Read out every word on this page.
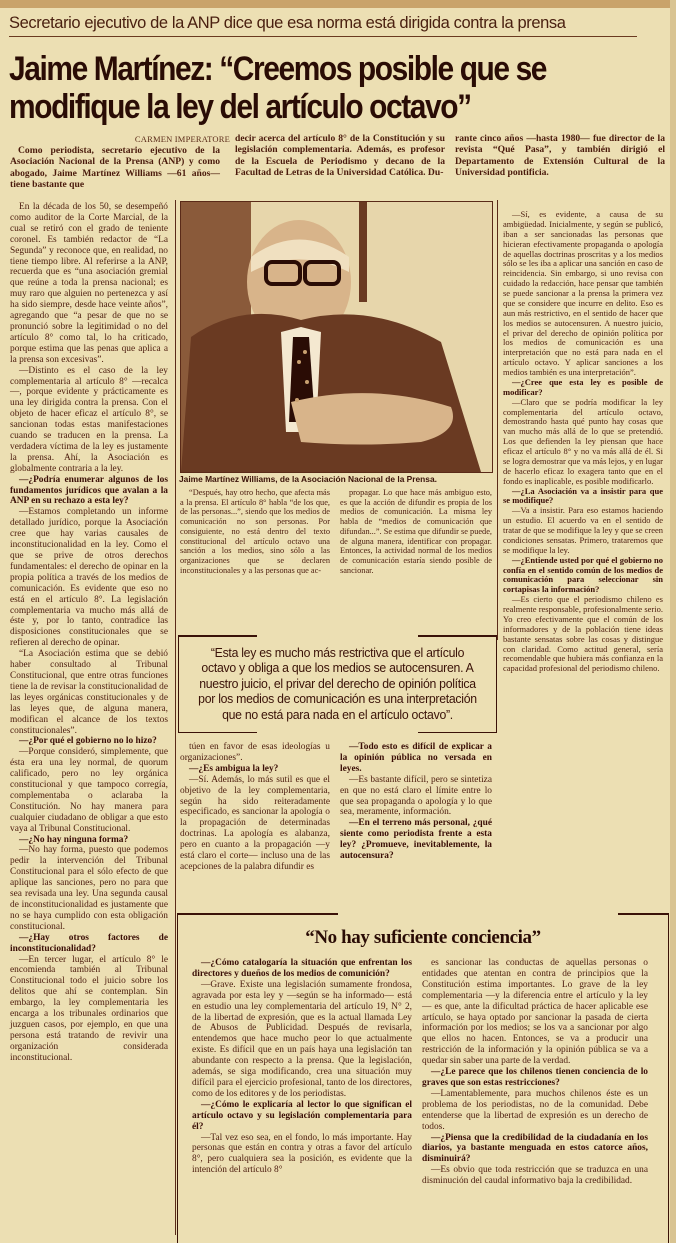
Secretario ejecutivo de la ANP dice que esa norma está dirigida contra la prensa
Jaime Martínez: “Creemos posible que se
modifique la ley del artículo octavo”
CARMEN IMPERATORE

Como periodista, secretario ejecutivo de la Asociación Nacional de la Prensa (ANP) y como abogado, Jaime Martínez Williams —61 años— tiene bastante que

decir acerca del artículo 8° de la Constitución y su legislación complementaria. Además, es profesor de la Escuela de Periodismo y decano de la Facultad de Letras de la Universidad Católica. Du-

rante cinco años —hasta 1980— fue director de la revista “Qué Pasa”, y también dirigió el Departamento de Extensión Cultural de la Universidad pontificia.

En la década de los 50, se desempeñó como auditor de la Corte Marcial, de la cual se retiró con el grado de teniente coronel. Es también redactor de “La Segunda” y reconoce que, en realidad, no tiene tiempo libre. Al referirse a la ANP, recuerda que es “una asociación gremial que reúne a toda la prensa nacional; es muy raro que alguien no pertenezca y así ha sido siempre, desde hace veinte años”, agregando que “a pesar de que no se pronunció sobre la legitimidad o no del artículo 8° como tal, lo ha criticado, porque estima que las penas que aplica a la prensa son excesivas”.

—Distinto es el caso de la ley complementaria al artículo 8° —recalca—, porque evidente y prácticamente es una ley dirigida contra la prensa. Con el objeto de hacer eficaz el artículo 8°, se sancionan todas estas manifestaciones cuando se traducen en la prensa. La verdadera víctima de la ley es justamente la prensa. Ahí, la Asociación es globalmente contraria a la ley.

—¿Podría enumerar algunos de los fundamentos jurídicos que avalan a la ANP en su rechazo a esta ley?

—Estamos completando un informe detallado jurídico, porque la Asociación cree que hay varias causales de inconstitucionalidad en la ley. Como el que se prive de otros derechos fundamentales: el derecho de opinar en la propia política a través de los medios de comunicación. Es evidente que eso no está en el artículo 8°. La legislación complementaria va mucho más allá de éste y, por lo tanto, contradice las disposiciones constitucionales que se refieren al derecho de opinar.

“La Asociación estima que se debió haber consultado al Tribunal Constitucional, que entre otras funciones tiene la de revisar la constitucionalidad de las leyes orgánicas constitucionales y de las leyes que, de alguna manera, modifican el alcance de los textos constitucionales”.

—¿Por qué el gobierno no lo hizo?

—Porque consideró, simplemente, que ésta era una ley normal, de quorum calificado, pero no ley orgánica constitucional y que tampoco corregía, complementaba o aclaraba la Constitución. No hay manera para cualquier ciudadano de obligar a que esto vaya al Tribunal Constitucional.

—¿No hay ninguna forma?

—No hay forma, puesto que podemos pedir la intervención del Tribunal Constitucional para el sólo efecto de que aplique las sanciones, pero no para que sea revisada una ley. Una segunda causal de inconstitucionalidad es justamente que no se haya cumplido con esta obligación constitucional.

—¿Hay otros factores de inconstitucionalidad?

—En tercer lugar, el artículo 8° le encomienda también al Tribunal Constitucional todo el juicio sobre los delitos que ahí se contemplan. Sin embargo, la ley complementaria les encarga a los tribunales ordinarios que juzguen casos, por ejemplo, en que una persona está tratando de revivir una organización considerada inconstitucional.

Jaime Martínez Williams, de la Asociación Nacional de la Prensa.

“Después, hay otro hecho, que afecta más a la prensa. El artículo 8° habla “de los que, de las personas...”, siendo que los medios de comunicación no son personas. Por consiguiente, no está dentro del texto constitucional del artículo octavo una sanción a los medios, sino sólo a las organizaciones que se declaren inconstitucionales y a las personas que ac-

propagar. Lo que hace más ambiguo esto, es que la acción de difundir es propia de los medios de comunicación. La misma ley habla de “medios de comunicación que difundan...”. Se estima que difundir se puede, de alguna manera, identificar con propagar. Entonces, la actividad normal de los medios de comunicación estaría siendo posible de sancionar.

“Esta ley es mucho más restrictiva que el artículo octavo y obliga a que los medios se autocensuren. A nuestro juicio, el privar del derecho de opinión política por los medios de comunicación es una interpretación que no está para nada en el artículo octavo”.

túen en favor de esas ideologías u organizaciones”.

—¿Es ambigua la ley?

—Sí. Además, lo más sutil es que el objetivo de la ley complementaria, según ha sido reiteradamente especificado, es sancionar la apología o la propagación de determinadas doctrinas. La apología es alabanza, pero en cuanto a la propagación —y está claro el corte— incluso una de las acepciones de la palabra difundir es

—Todo esto es difícil de explicar a la opinión pública no versada en leyes.

—Es bastante difícil, pero se sintetiza en que no está claro el límite entre lo que sea propaganda o apología y lo que sea, meramente, información.

—En el terreno más personal, ¿qué siente como periodista frente a esta ley? ¿Promueve, inevitablemente, la autocensura?

—Sí, es evidente, a causa de su ambigüedad. Inicialmente, y según se publicó, iban a ser sancionadas las personas que hicieran efectivamente propaganda o apología de aquellas doctrinas proscritas y a los medios sólo se les iba a aplicar una sanción en caso de reincidencia. Sin embargo, si uno revisa con cuidado la redacción, hace pensar que también se puede sancionar a la prensa la primera vez que se considere que incurre en delito. Eso es aun más restrictivo, en el sentido de hacer que los medios se autocensuren. A nuestro juicio, el privar del derecho de opinión política por los medios de comunicación es una interpretación que no está para nada en el artículo octavo. Y aplicar sanciones a los medios también es una interpretación”.

—¿Cree que esta ley es posible de modificar?

—Claro que se podría modificar la ley complementaria del artículo octavo, demostrando hasta qué punto hay cosas que van mucho más allá de lo que se pretendió. Los que defienden la ley piensan que hace eficaz el artículo 8° y no va más allá de él. Si se logra demostrar que va más lejos, y en lugar de hacerlo eficaz lo exagera tanto que en el fondo es inaplicable, es posible modificarlo.

—¿La Asociación va a insistir para que se modifique?

—Va a insistir. Para eso estamos haciendo un estudio. El acuerdo va en el sentido de tratar de que se modifique la ley y que se creen condiciones sensatas. Primero, trataremos que se modifique la ley.

—¿Entiende usted por qué el gobierno no confía en el sentido común de los medios de comunicación para seleccionar sin cortapisas la información?

—Es cierto que el periodismo chileno es realmente responsable, profesionalmente serio. Yo creo efectivamente que el común de los informadores y de la población tiene ideas bastante sensatas sobre las cosas y distingue con claridad. Como actitud general, sería recomendable que hubiera más confianza en la capacidad profesional del periodismo chileno.

“No hay suficiente conciencia”

—¿Cómo catalogaría la situación que enfrentan los directores y dueños de los medios de comunición?

—Grave. Existe una legislación sumamente frondosa, agravada por esta ley y —según se ha informado— está en estudio una ley complementaria del artículo 19, N° 2, de la libertad de expresión, que es la actual llamada Ley de Abusos de Publicidad. Después de revisarla, entendemos que hace mucho peor lo que actualmente existe. Es difícil que en un país haya una legislación tan abundante con respecto a la prensa. Que la legislación, además, se siga modificando, crea una situación muy difícil para el ejercicio profesional, tanto de los directores, como de los editores y de los periodistas.

—¿Cómo le explicaría al lector lo que significan el artículo octavo y su legislación complementaria para él?

—Tal vez eso sea, en el fondo, lo más importante. Hay personas que están en contra y otras a favor del artículo 8°, pero cualquiera sea la posición, es evidente que la intención del artículo 8°

es sancionar las conductas de aquellas personas o entidades que atentan en contra de principios que la Constitución estima importantes. Lo grave de la ley complementaria —y la diferencia entre el artículo y la ley— es que, ante la dificultad práctica de hacer aplicable ese artículo, se haya optado por sancionar la pasada de cierta información por los medios; se los va a sancionar por algo que ellos no hacen. Entonces, se va a producir una restricción de la información y la opinión pública se va a quedar sin saber una parte de la verdad.

—¿Le parece que los chilenos tienen conciencia de lo graves que son estas restricciones?

—Lamentablemente, para muchos chilenos éste es un problema de los periodistas, no de la comunidad. Debe entenderse que la libertad de expresión es un derecho de todos.

—¿Piensa que la credibilidad de la ciudadanía en los diarios, ya bastante menguada en estos catorce años, disminuirá?

—Es obvio que toda restricción que se traduzca en una disminución del caudal informativo baja la credibilidad.
